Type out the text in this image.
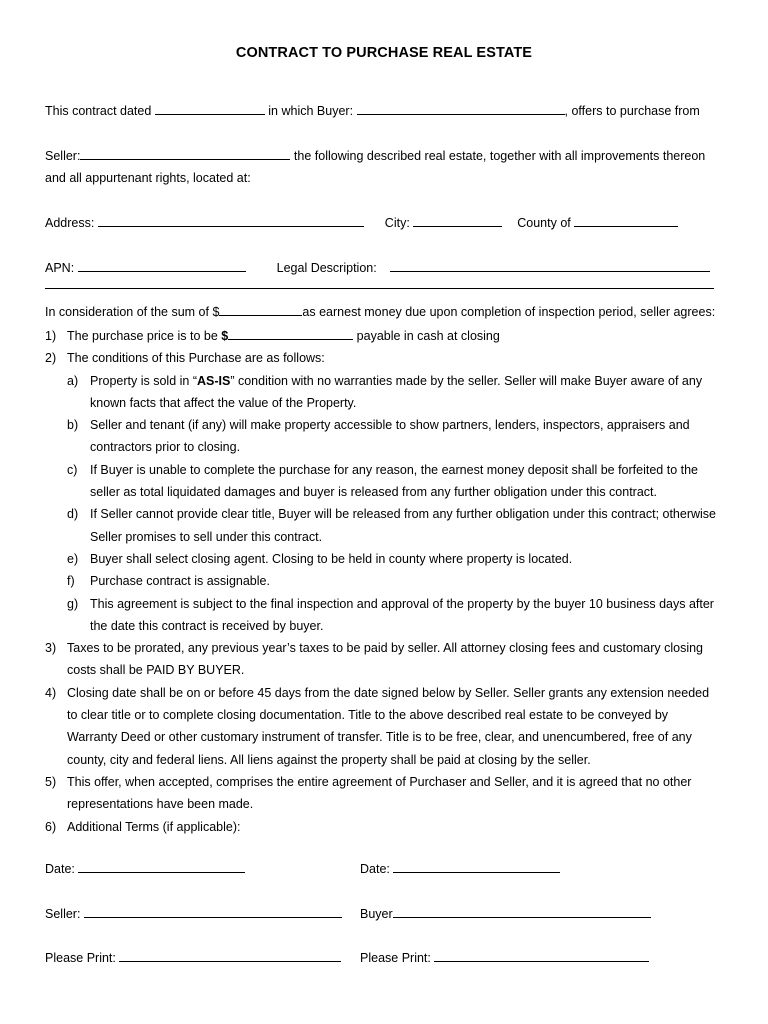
CONTRACT TO PURCHASE REAL ESTATE
This contract dated	in which Buyer:	, offers to purchase from
Seller:	the following described real estate, together with all improvements thereon
and all appurtenant rights, located at:
Address:	City:	County of
APN:	Legal Description:
In consideration of the sum of $	as earnest money due upon completion of inspection period, seller agrees:
1) The purchase price is to be $	payable in cash at closing
2) The conditions of this Purchase are as follows:
a) Property is sold in “AS-IS” condition with no warranties made by the seller. Seller will make Buyer aware of any
known facts that affect the value of the Property.
b) Seller and tenant (if any) will make property accessible to show partners, lenders, inspectors, appraisers and
contractors prior to closing.
c) If Buyer is unable to complete the purchase for any reason, the earnest money deposit shall be forfeited to the
seller as total liquidated damages and buyer is released from any further obligation under this contract.
d) If Seller cannot provide clear title, Buyer will be released from any further obligation under this contract; otherwise
Seller promises to sell under this contract.
e) Buyer shall select closing agent. Closing to be held in county where property is located.
f) Purchase contract is assignable.
g) This agreement is subject to the final inspection and approval of the property by the buyer 10 business days after
the date this contract is received by buyer.
3) Taxes to be prorated, any previous year’s taxes to be paid by seller. All attorney closing fees and customary closing
costs shall be PAID BY BUYER.
4) Closing date shall be on or before 45 days from the date signed below by Seller. Seller grants any extension needed
to clear title or to complete closing documentation. Title to the above described real estate to be conveyed by
Warranty Deed or other customary instrument of transfer. Title is to be free, clear, and unencumbered, free of any
county, city and federal liens. All liens against the property shall be paid at closing by the seller.
5) This offer, when accepted, comprises the entire agreement of Purchaser and Seller, and it is agreed that no other
representations have been made.
6) Additional Terms (if applicable):
Date:	Date:
Seller:	Buyer
Please Print:	Please Print:
